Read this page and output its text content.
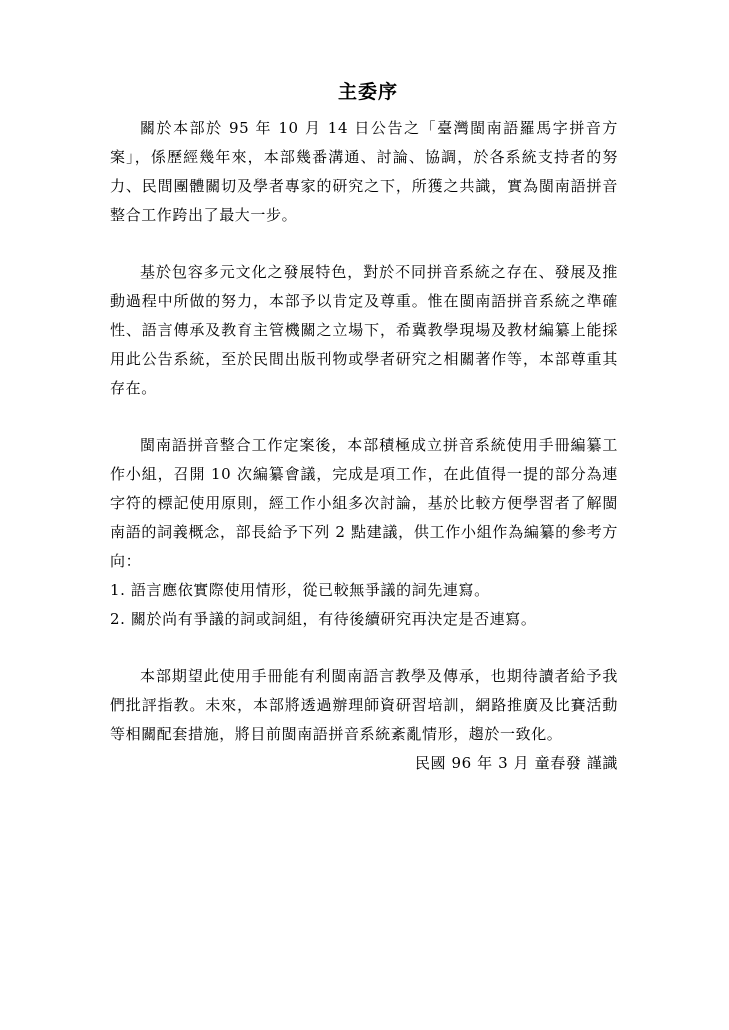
主委序

關於本部於 95 年 10 月 14 日公告之「臺灣閩南語羅馬字拼音方案」，係歷經幾年來，本部幾番溝通、討論、協調，於各系統支持者的努力、民間團體關切及學者專家的研究之下，所獲之共識，實為閩南語拼音整合工作跨出了最大一步。

基於包容多元文化之發展特色，對於不同拼音系統之存在、發展及推動過程中所做的努力，本部予以肯定及尊重。惟在閩南語拼音系統之準確性、語言傳承及教育主管機關之立場下，希冀教學現場及教材編纂上能採用此公告系統，至於民間出版刊物或學者研究之相關著作等，本部尊重其存在。

閩南語拼音整合工作定案後，本部積極成立拼音系統使用手冊編纂工作小組，召開 10 次編纂會議，完成是項工作，在此值得一提的部分為連字符的標記使用原則，經工作小組多次討論，基於比較方便學習者了解閩南語的詞義概念，部長給予下列 2 點建議，供工作小組作為編纂的參考方向：

1. 語言應依實際使用情形，從已較無爭議的詞先連寫。
2. 關於尚有爭議的詞或詞組，有待後續研究再決定是否連寫。

本部期望此使用手冊能有利閩南語言教學及傳承，也期待讀者給予我們批評指教。未來，本部將透過辦理師資研習培訓，網路推廣及比賽活動等相關配套措施，將目前閩南語拼音系統紊亂情形，趨於一致化。

民國 96 年 3 月 童春發 謹識
